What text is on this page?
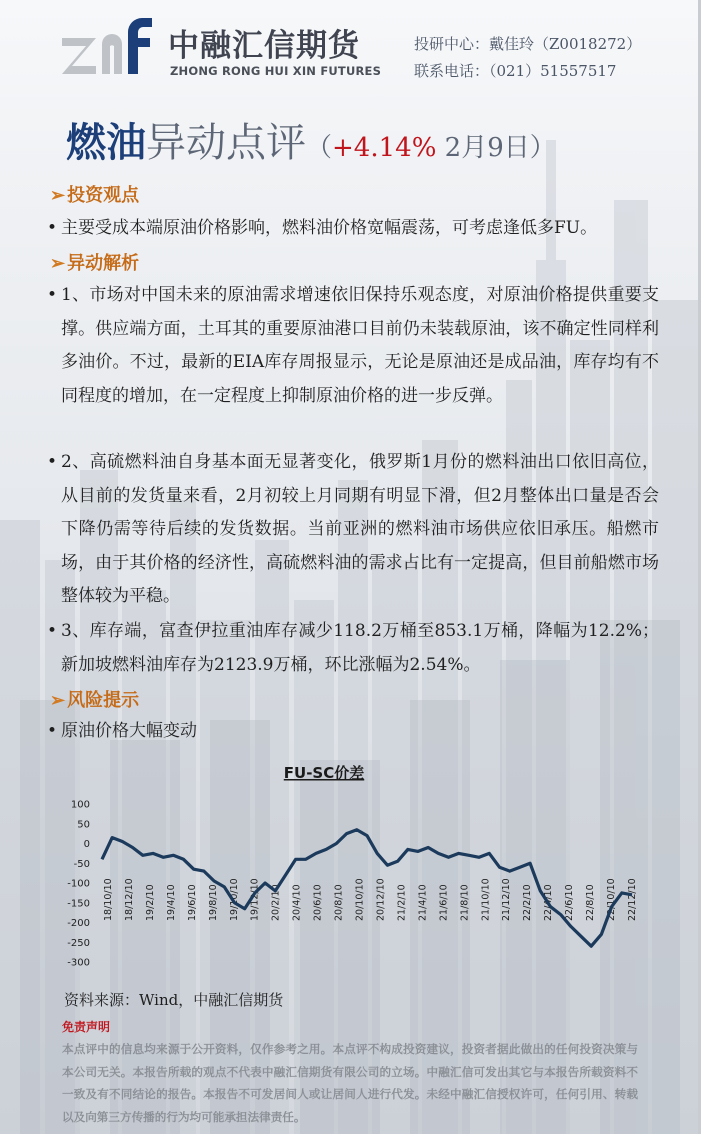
中融汇信期货
ZHONG RONG HUI XIN FUTURES
投研中心：戴佳玲（Z0018272）
联系电话：（021）51557517
燃油异动点评（+4.14% 2月9日）
➢ 投资观点
• 主要受成本端原油价格影响，燃料油价格宽幅震荡，可考虑逢低多FU。
➢ 异动解析
• 1、市场对中国未来的原油需求增速依旧保持乐观态度，对原油价格提供重要支撑。供应端方面，土耳其的重要原油港口目前仍未装载原油，该不确定性同样利多油价。不过，最新的EIA库存周报显示，无论是原油还是成品油，库存均有不同程度的增加，在一定程度上抑制原油价格的进一步反弹。
• 2、高硫燃料油自身基本面无显著变化，俄罗斯1月份的燃料油出口依旧高位，从目前的发货量来看，2月初较上月同期有明显下滑，但2月整体出口量是否会下降仍需等待后续的发货数据。当前亚洲的燃料油市场供应依旧承压。船燃市场，由于其价格的经济性，高硫燃料油的需求占比有一定提高，但目前船燃市场整体较为平稳。
• 3、库存端，富查伊拉重油库存减少118.2万桶至853.1万桶，降幅为12.2%；新加坡燃料油库存为2123.9万桶，环比涨幅为2.54%。
➢ 风险提示
• 原油价格大幅变动
FU-SC价差
100
50
0
-50
-100
-150
-200
-250
-300
18/10/10 18/12/10 19/2/10 19/4/10 19/6/10 19/8/10 19/10/10 19/12/10 20/2/10 20/4/10 20/6/10 20/8/10 20/10/10 20/12/10 21/2/10 21/4/10 21/6/10 21/8/10 21/10/10 21/12/10 22/2/10 22/4/10 22/6/10 22/8/10 22/10/10 22/12/10
资料来源：Wind，中融汇信期货
免责声明
本点评中的信息均来源于公开资料，仅作参考之用。本点评不构成投资建议，投资者据此做出的任何投资决策与本公司无关。本报告所载的观点不代表中融汇信期货有限公司的立场。中融汇信可发出其它与本报告所载资料不一致及有不同结论的报告。本报告不可发居间人或让居间人进行代发。未经中融汇信授权许可，任何引用、转载以及向第三方传播的行为均可能承担法律责任。
